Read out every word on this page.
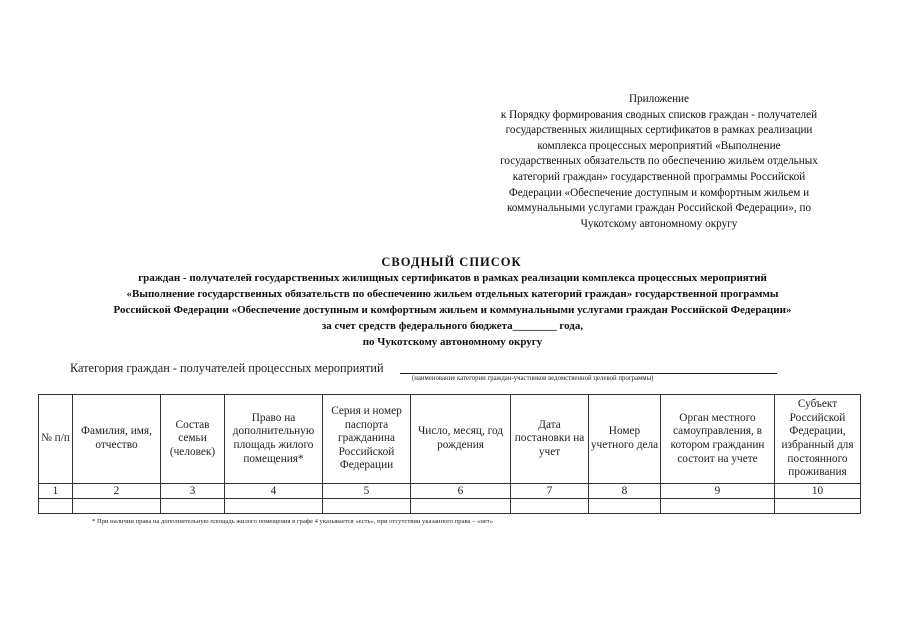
Приложение
к Порядку формирования сводных списков граждан - получателей
государственных жилищных сертификатов в рамках реализации
комплекса процессных мероприятий «Выполнение
государственных обязательств по обеспечению жильем отдельных
категорий граждан» государственной программы Российской
Федерации «Обеспечение доступным и комфортным жильем и
коммунальными услугами граждан Российской Федерации», по
Чукотскому автономному округу
СВОДНЫЙ СПИСОК
граждан - получателей государственных жилищных сертификатов в рамках реализации комплекса процессных мероприятий
«Выполнение государственных обязательств по обеспечению жильем отдельных категорий граждан» государственной программы
Российской Федерации «Обеспечение доступным и комфортным жильем и коммунальными услугами граждан Российской Федерации»
за счет средств федерального бюджета________ года,
по Чукотскому автономному округу
Категория граждан - получателей процессных мероприятий
(наименование категории граждан-участников ведомственной целевой программы)
№ п/п	Фамилия, имя, отчество	Состав семьи (человек)	Право на дополнительную площадь жилого помещения*	Серия и номер паспорта гражданина Российской Федерации	Число, месяц, год рождения	Дата постановки на учет	Номер учетного дела	Орган местного самоуправления, в котором гражданин состоит на учете	Субъект Российской Федерации, избранный для постоянного проживания
1	2	3	4	5	6	7	8	9	10

* При наличии права на дополнительную площадь жилого помещения в графе 4 указывается «есть», при отсутствии указанного права – «нет»
